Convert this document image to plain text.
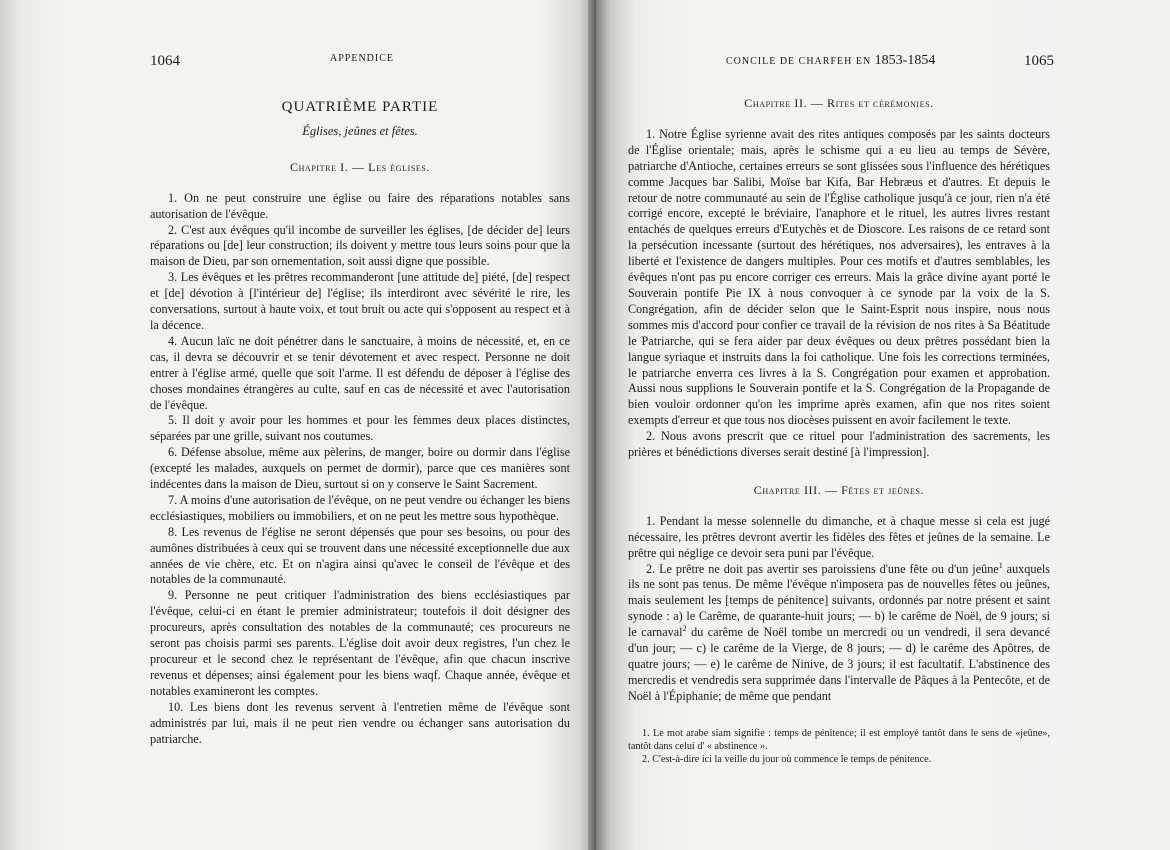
1064	APPENDICE
QUATRIÈME PARTIE
Églises, jeûnes et fêtes.
Chapitre I. — Les églises.

1. On ne peut construire une église ou faire des réparations notables sans autorisation de l'évêque.

2. C'est aux évêques qu'il incombe de surveiller les églises, [de décider de] leurs réparations ou [de] leur construction; ils doivent y mettre tous leurs soins pour que la maison de Dieu, par son ornementation, soit aussi digne que possible.

3. Les évêques et les prêtres recommanderont [une attitude de] piété, [de] respect et [de] dévotion à [l'intérieur de] l'église; ils interdiront avec sévérité le rire, les conversations, surtout à haute voix, et tout bruit ou acte qui s'opposent au respect et à la décence.

4. Aucun laïc ne doit pénétrer dans le sanctuaire, à moins de nécessité, et, en ce cas, il devra se découvrir et se tenir dévotement et avec respect. Personne ne doit entrer à l'église armé, quelle que soit l'arme. Il est défendu de déposer à l'église des choses mondaines étrangères au culte, sauf en cas de nécessité et avec l'autorisation de l'évêque.

5. Il doit y avoir pour les hommes et pour les femmes deux places distinctes, séparées par une grille, suivant nos coutumes.

6. Défense absolue, même aux pèlerins, de manger, boire ou dormir dans l'église (excepté les malades, auxquels on permet de dormir), parce que ces manières sont indécentes dans la maison de Dieu, surtout si on y conserve le Saint Sacrement.

7. A moins d'une autorisation de l'évêque, on ne peut vendre ou échanger les biens ecclésiastiques, mobiliers ou immobiliers, et on ne peut les mettre sous hypothèque.

8. Les revenus de l'église ne seront dépensés que pour ses besoins, ou pour des aumônes distribuées à ceux qui se trouvent dans une nécessité exceptionnelle due aux années de vie chère, etc. Et on n'agira ainsi qu'avec le conseil de l'évêque et des notables de la communauté.

9. Personne ne peut critiquer l'administration des biens ecclésiastiques par l'évêque, celui-ci en étant le premier administrateur; toutefois il doit désigner des procureurs, après consultation des notables de la communauté; ces procureurs ne seront pas choisis parmi ses parents. L'église doit avoir deux registres, l'un chez le procureur et le second chez le représentant de l'évêque, afin que chacun inscrive revenus et dépenses; ainsi également pour les biens waqf. Chaque année, évêque et notables examineront les comptes.

10. Les biens dont les revenus servent à l'entretien même de l'évêque sont administrés par lui, mais il ne peut rien vendre ou échanger sans autorisation du patriarche.

CONCILE DE CHARFEH EN 1853-1854	1065
Chapitre II. — Rites et cérémonies.

1. Notre Église syrienne avait des rites antiques composés par les saints docteurs de l'Église orientale; mais, après le schisme qui a eu lieu au temps de Sévère, patriarche d'Antioche, certaines erreurs se sont glissées sous l'influence des hérétiques comme Jacques bar Salibi, Moïse bar Kifa, Bar Hebræus et d'autres. Et depuis le retour de notre communauté au sein de l'Église catholique jusqu'à ce jour, rien n'a été corrigé encore, excepté le bréviaire, l'anaphore et le rituel, les autres livres restant entachés de quelques erreurs d'Eutychès et de Dioscore. Les raisons de ce retard sont la persécution incessante (surtout des hérétiques, nos adversaires), les entraves à la liberté et l'existence de dangers multiples. Pour ces motifs et d'autres semblables, les évêques n'ont pas pu encore corriger ces erreurs. Mais la grâce divine ayant porté le Souverain pontife Pie IX à nous convoquer à ce synode par la voix de la S. Congrégation, afin de décider selon que le Saint-Esprit nous inspire, nous nous sommes mis d'accord pour confier ce travail de la révision de nos rites à Sa Béatitude le Patriarche, qui se fera aider par deux évêques ou deux prêtres possédant bien la langue syriaque et instruits dans la foi catholique. Une fois les corrections terminées, le patriarche enverra ces livres à la S. Congrégation pour examen et approbation. Aussi nous supplions le Souverain pontife et la S. Congrégation de la Propagande de bien vouloir ordonner qu'on les imprime après examen, afin que nos rites soient exempts d'erreur et que tous nos diocèses puissent en avoir facilement le texte.

2. Nous avons prescrit que ce rituel pour l'administration des sacrements, les prières et bénédictions diverses serait destiné [à l'impression].

Chapitre III. — Fêtes et jeûnes.

1. Pendant la messe solennelle du dimanche, et à chaque messe si cela est jugé nécessaire, les prêtres devront avertir les fidèles des fêtes et jeûnes de la semaine. Le prêtre qui néglige ce devoir sera puni par l'évêque.

2. Le prêtre ne doit pas avertir ses paroissiens d'une fête ou d'un jeûne$^1$ auxquels ils ne sont pas tenus. De même l'évêque n'imposera pas de nouvelles fêtes ou jeûnes, mais seulement les [temps de pénitence] suivants, ordonnés par notre présent et saint synode : a) le Carême, de quarante-huit jours; — b) le carême de Noël, de 9 jours; si le carnaval$^2$ du carême de Noël tombe un mercredi ou un vendredi, il sera devancé d'un jour; — c) le carême de la Vierge, de 8 jours; — d) le carême des Apôtres, de quatre jours; — e) le carême de Ninive, de 3 jours; il est facultatif. L'abstinence des mercredis et vendredis sera supprimée dans l'intervalle de Pâques à la Pentecôte, et de Noël à l'Épiphanie; de même que pendant

1. Le mot arabe siam signifie : temps de pénitence; il est employé tantôt dans le sens de «jeûne», tantôt dans celui d' « abstinence ».

2. C'est-à-dire ici la veille du jour où commence le temps de pénitence.
